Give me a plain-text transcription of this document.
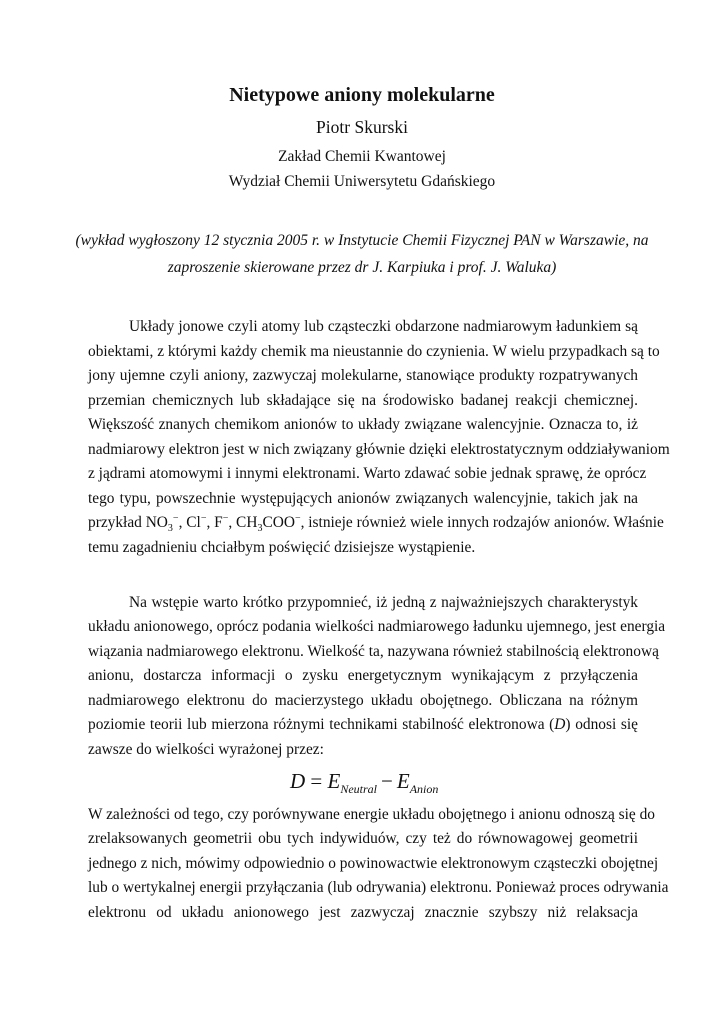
Nietypowe aniony molekularne
Piotr Skurski
Zakład Chemii Kwantowej
Wydział Chemii Uniwersytetu Gdańskiego
(wykład wygłoszony 12 stycznia 2005 r. w Instytucie Chemii Fizycznej PAN w Warszawie, na
zaproszenie skierowane przez dr J. Karpiuka i prof. J. Waluka)
Układy jonowe czyli atomy lub cząsteczki obdarzone nadmiarowym ładunkiem są
obiektami, z którymi każdy chemik ma nieustannie do czynienia. W wielu przypadkach są to
jony ujemne czyli aniony, zazwyczaj molekularne, stanowiące produkty rozpatrywanych
przemian chemicznych lub składające się na środowisko badanej reakcji chemicznej.
Większość znanych chemikom anionów to układy związane walencyjnie. Oznacza to, iż
nadmiarowy elektron jest w nich związany głównie dzięki elektrostatycznym oddziaływaniom
z jądrami atomowymi i innymi elektronami. Warto zdawać sobie jednak sprawę, że oprócz
tego typu, powszechnie występujących anionów związanych walencyjnie, takich jak na
przykład $NO_3^-$, Cl−, F−, $CH_3COO^-$, istnieje również wiele innych rodzajów anionów. Właśnie
temu zagadnieniu chciałbym poświęcić dzisiejsze wystąpienie.
Na wstępie warto krótko przypomnieć, iż jedną z najważniejszych charakterystyk
układu anionowego, oprócz podania wielkości nadmiarowego ładunku ujemnego, jest energia
wiązania nadmiarowego elektronu. Wielkość ta, nazywana również stabilnością elektronową
anionu, dostarcza informacji o zysku energetycznym wynikającym z przyłączenia
nadmiarowego elektronu do macierzystego układu obojętnego. Obliczana na różnym
poziomie teorii lub mierzona różnymi technikami stabilność elektronowa (D) odnosi się
zawsze do wielkości wyrażonej przez:
$D = E_{Neutral} - E_{Anion}$
W zależności od tego, czy porównywane energie układu obojętnego i anionu odnoszą się do
zrelaksowanych geometrii obu tych indywiduów, czy też do równowagowej geometrii
jednego z nich, mówimy odpowiednio o powinowactwie elektronowym cząsteczki obojętnej
lub o wertykalnej energii przyłączania (lub odrywania) elektronu. Ponieważ proces odrywania
elektronu od układu anionowego jest zazwyczaj znacznie szybszy niż relaksacja
